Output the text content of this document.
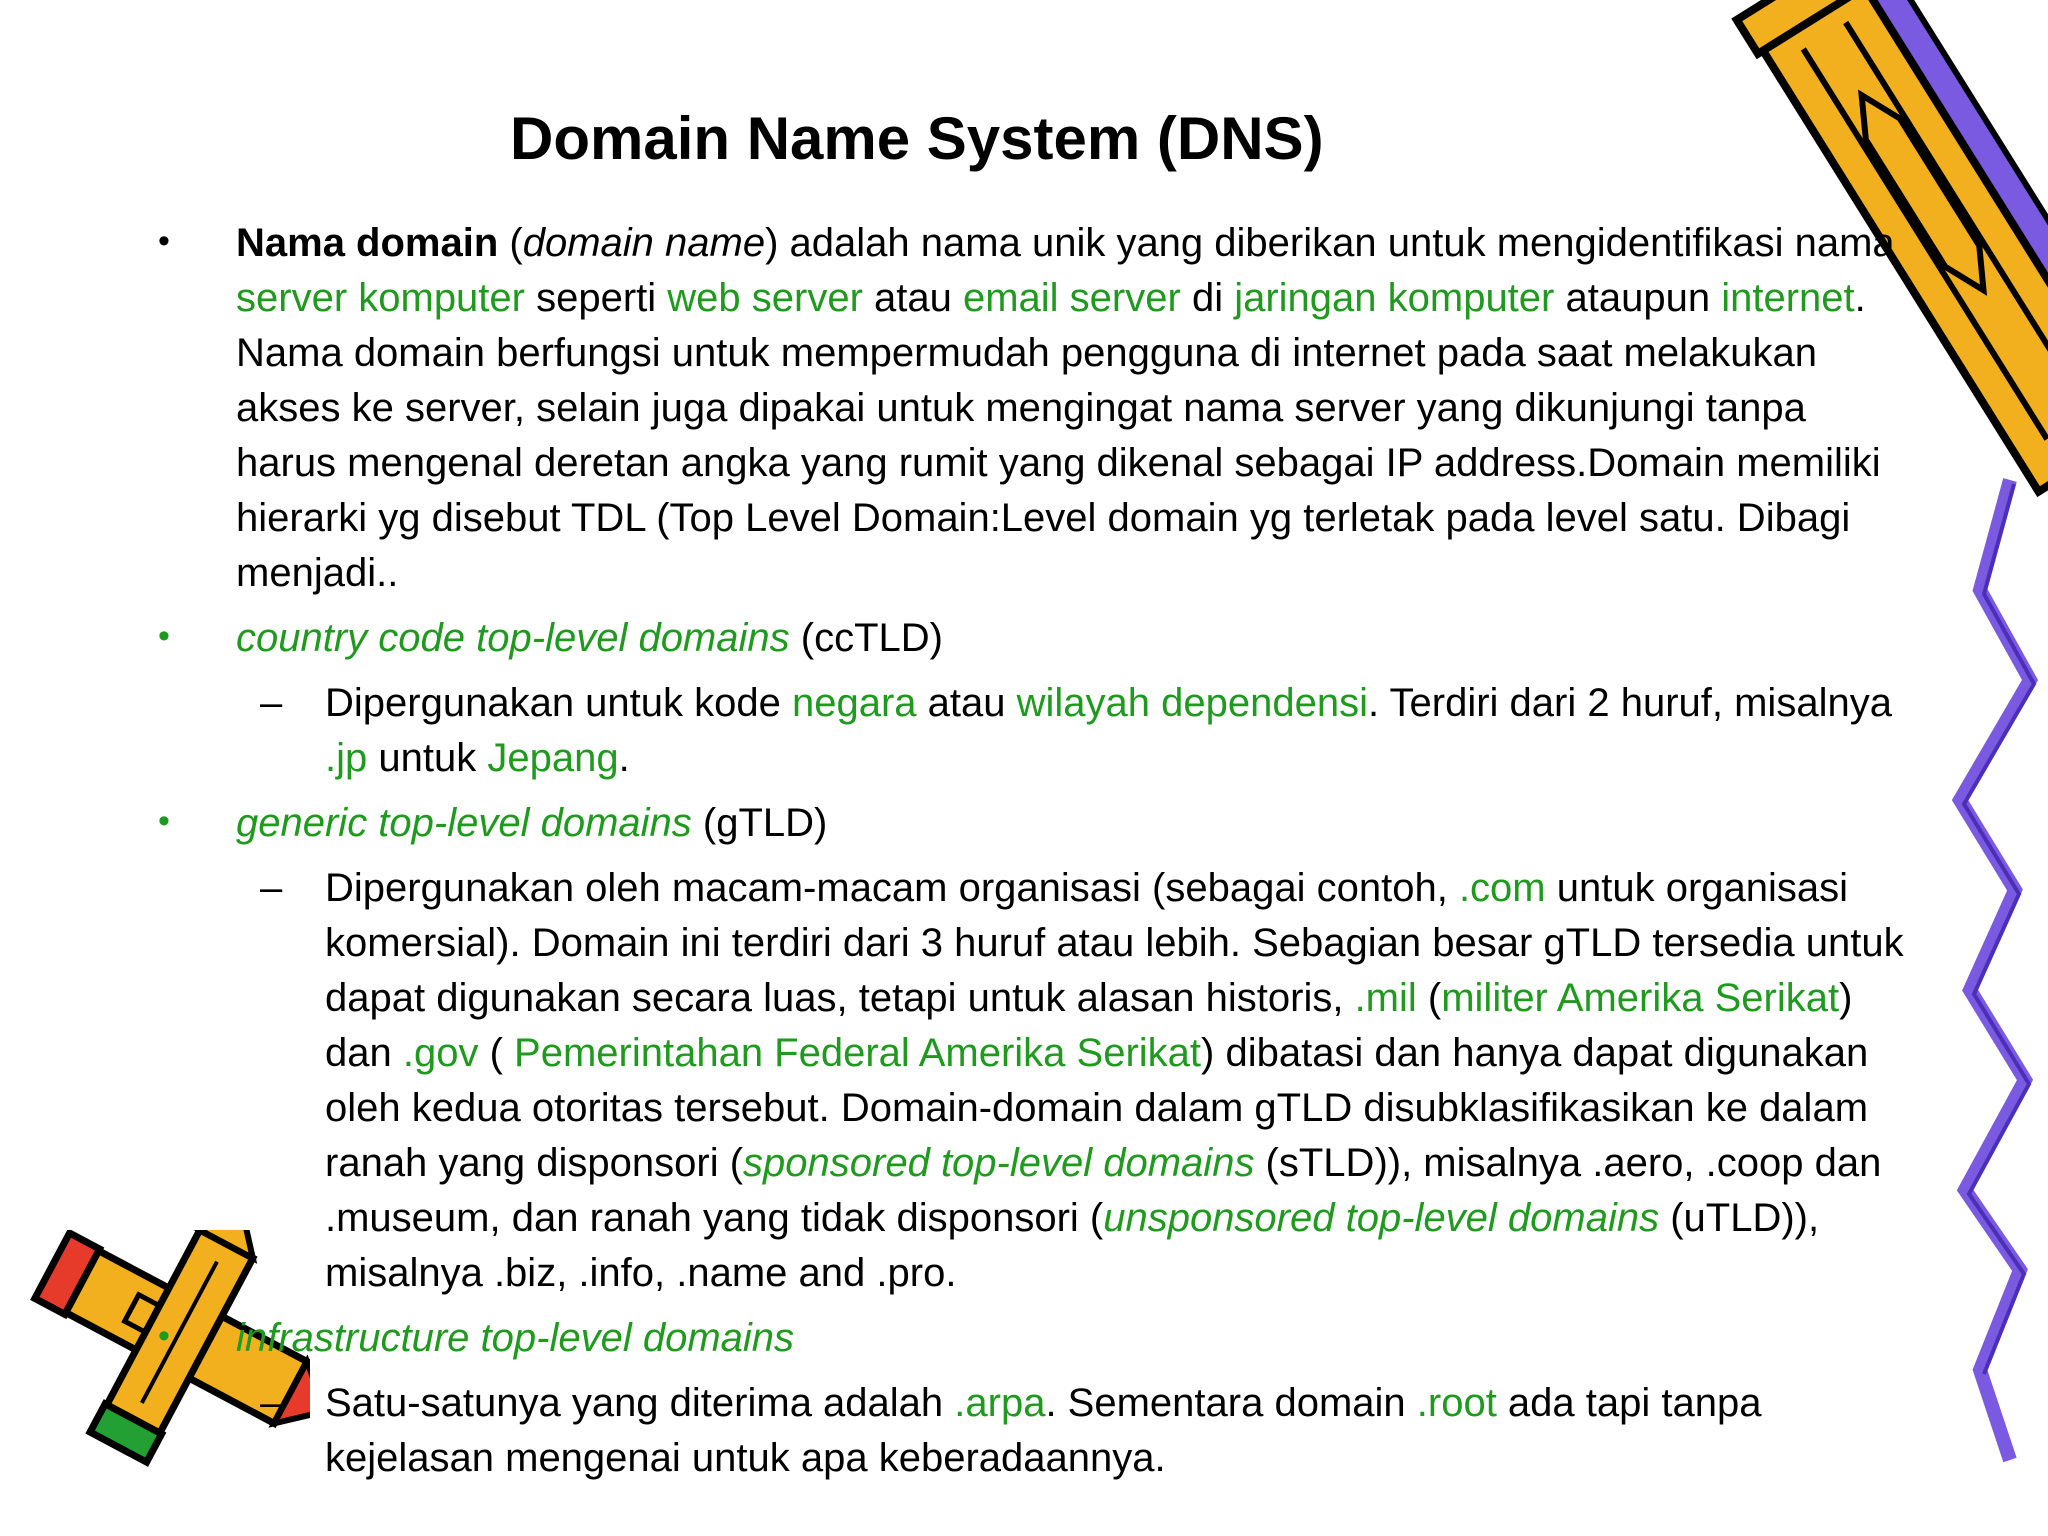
Domain Name System (DNS)
• Nama domain (domain name) adalah nama unik yang diberikan untuk mengidentifikasi nama server komputer seperti web server atau email server di jaringan komputer ataupun internet. Nama domain berfungsi untuk mempermudah pengguna di internet pada saat melakukan akses ke server, selain juga dipakai untuk mengingat nama server yang dikunjungi tanpa harus mengenal deretan angka yang rumit yang dikenal sebagai IP address.Domain memiliki hierarki yg disebut TDL (Top Level Domain:Level domain yg terletak pada level satu. Dibagi menjadi..
• country code top-level domains (ccTLD)
– Dipergunakan untuk kode negara atau wilayah dependensi. Terdiri dari 2 huruf, misalnya .jp untuk Jepang.
• generic top-level domains (gTLD)
– Dipergunakan oleh macam-macam organisasi (sebagai contoh, .com untuk organisasi komersial). Domain ini terdiri dari 3 huruf atau lebih. Sebagian besar gTLD tersedia untuk dapat digunakan secara luas, tetapi untuk alasan historis, .mil (militer Amerika Serikat) dan .gov ( Pemerintahan Federal Amerika Serikat) dibatasi dan hanya dapat digunakan oleh kedua otoritas tersebut. Domain-domain dalam gTLD disubklasifikasikan ke dalam ranah yang disponsori (sponsored top-level domains (sTLD)), misalnya .aero, .coop dan .museum, dan ranah yang tidak disponsori (unsponsored top-level domains (uTLD)), misalnya .biz, .info, .name and .pro.
• infrastructure top-level domains
– Satu-satunya yang diterima adalah .arpa. Sementara domain .root ada tapi tanpa kejelasan mengenai untuk apa keberadaannya.
